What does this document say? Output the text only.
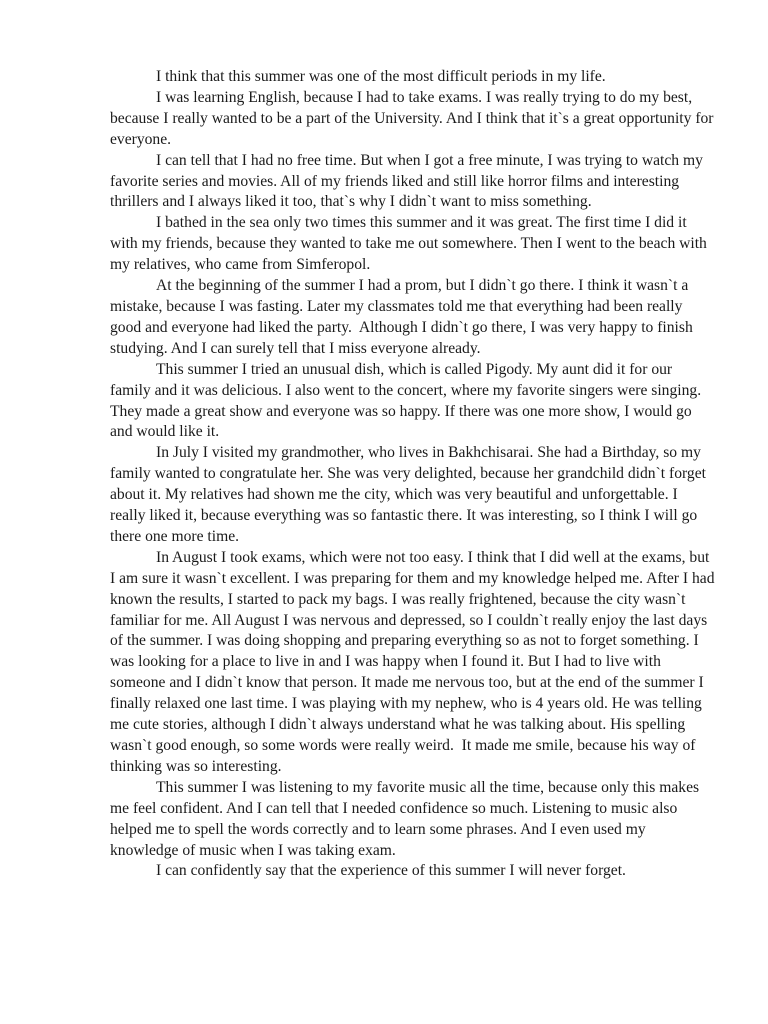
I think that this summer was one of the most difficult periods in my life.

I was learning English, because I had to take exams. I was really trying to do my best, because I really wanted to be a part of the University. And I think that it`s a great opportunity for everyone.

I can tell that I had no free time. But when I got a free minute, I was trying to watch my favorite series and movies. All of my friends liked and still like horror films and interesting thrillers and I always liked it too, that`s why I didn`t want to miss something.

I bathed in the sea only two times this summer and it was great. The first time I did it with my friends, because they wanted to take me out somewhere. Then I went to the beach with my relatives, who came from Simferopol.

At the beginning of the summer I had a prom, but I didn`t go there. I think it wasn`t a mistake, because I was fasting. Later my classmates told me that everything had been really good and everyone had liked the party.  Although I didn`t go there, I was very happy to finish studying. And I can surely tell that I miss everyone already.

This summer I tried an unusual dish, which is called Pigody. My aunt did it for our family and it was delicious. I also went to the concert, where my favorite singers were singing. They made a great show and everyone was so happy. If there was one more show, I would go and would like it.

In July I visited my grandmother, who lives in Bakhchisarai. She had a Birthday, so my family wanted to congratulate her. She was very delighted, because her grandchild didn`t forget about it. My relatives had shown me the city, which was very beautiful and unforgettable. I really liked it, because everything was so fantastic there. It was interesting, so I think I will go there one more time.

In August I took exams, which were not too easy. I think that I did well at the exams, but I am sure it wasn`t excellent. I was preparing for them and my knowledge helped me. After I had known the results, I started to pack my bags. I was really frightened, because the city wasn`t familiar for me. All August I was nervous and depressed, so I couldn`t really enjoy the last days of the summer. I was doing shopping and preparing everything so as not to forget something. I was looking for a place to live in and I was happy when I found it. But I had to live with someone and I didn`t know that person. It made me nervous too, but at the end of the summer I finally relaxed one last time. I was playing with my nephew, who is 4 years old. He was telling me cute stories, although I didn`t always understand what he was talking about. His spelling wasn`t good enough, so some words were really weird.  It made me smile, because his way of thinking was so interesting.

This summer I was listening to my favorite music all the time, because only this makes me feel confident. And I can tell that I needed confidence so much. Listening to music also helped me to spell the words correctly and to learn some phrases. And I even used my knowledge of music when I was taking exam.

I can confidently say that the experience of this summer I will never forget.
